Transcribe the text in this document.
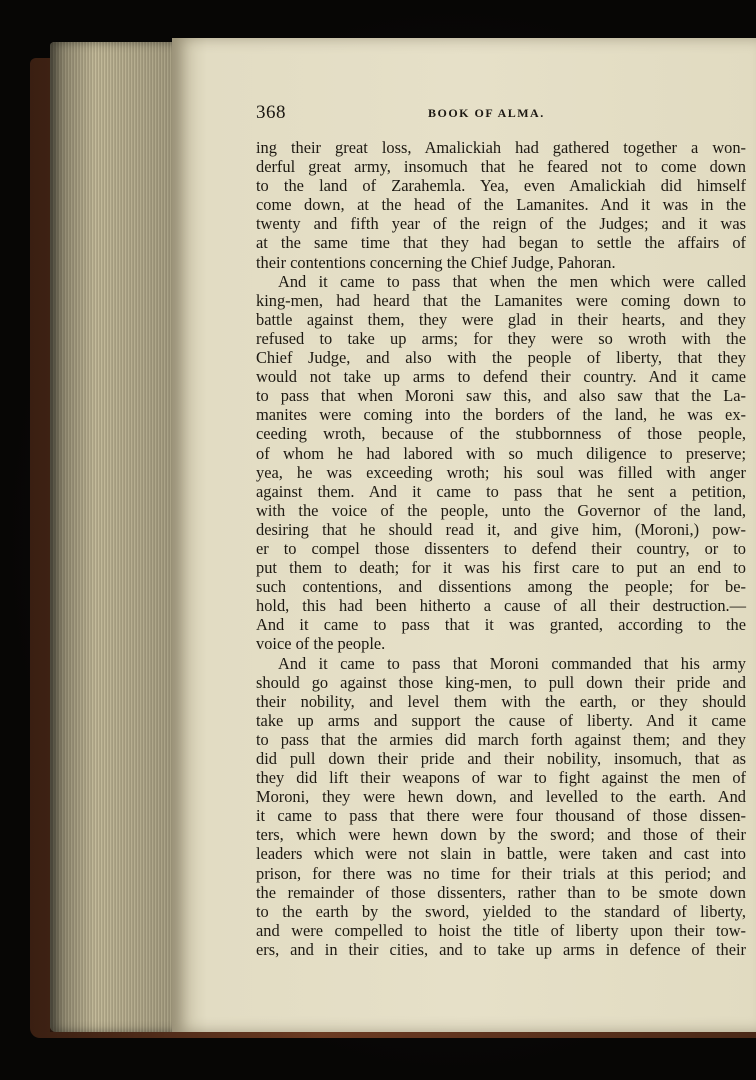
368	BOOK OF ALMA.
ing their great loss, Amalickiah had gathered together a won-
derful great army, insomuch that he feared not to come down
to the land of Zarahemla. Yea, even Amalickiah did himself
come down, at the head of the Lamanites. And it was in the
twenty and fifth year of the reign of the Judges; and it was
at the same time that they had began to settle the affairs of
their contentions concerning the Chief Judge, Pahoran.
And it came to pass that when the men which were called
king-men, had heard that the Lamanites were coming down to
battle against them, they were glad in their hearts, and they
refused to take up arms; for they were so wroth with the
Chief Judge, and also with the people of liberty, that they
would not take up arms to defend their country. And it came
to pass that when Moroni saw this, and also saw that the La-
manites were coming into the borders of the land, he was ex-
ceeding wroth, because of the stubbornness of those people,
of whom he had labored with so much diligence to preserve;
yea, he was exceeding wroth; his soul was filled with anger
against them. And it came to pass that he sent a petition,
with the voice of the people, unto the Governor of the land,
desiring that he should read it, and give him, (Moroni,) pow-
er to compel those dissenters to defend their country, or to
put them to death; for it was his first care to put an end to
such contentions, and dissentions among the people; for be-
hold, this had been hitherto a cause of all their destruction.—
And it came to pass that it was granted, according to the
voice of the people.
And it came to pass that Moroni commanded that his army
should go against those king-men, to pull down their pride and
their nobility, and level them with the earth, or they should
take up arms and support the cause of liberty. And it came
to pass that the armies did march forth against them; and they
did pull down their pride and their nobility, insomuch, that as
they did lift their weapons of war to fight against the men of
Moroni, they were hewn down, and levelled to the earth. And
it came to pass that there were four thousand of those dissen-
ters, which were hewn down by the sword; and those of their
leaders which were not slain in battle, were taken and cast into
prison, for there was no time for their trials at this period; and
the remainder of those dissenters, rather than to be smote down
to the earth by the sword, yielded to the standard of liberty,
and were compelled to hoist the title of liberty upon their tow-
ers, and in their cities, and to take up arms in defence of their
